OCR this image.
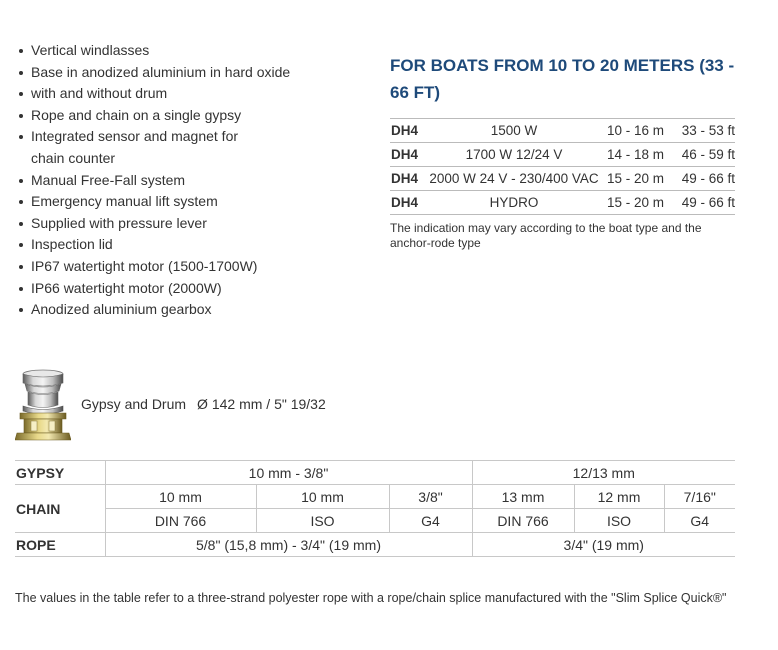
Vertical windlasses
Base in anodized aluminium in hard oxide
with and without drum
Rope and chain on a single gypsy
Integrated sensor and magnet for
chain counter
Manual Free-Fall system
Emergency manual lift system
Supplied with pressure lever
Inspection lid
IP67 watertight motor (1500-1700W)
IP66 watertight motor (2000W)
Anodized aluminium gearbox
FOR BOATS FROM 10 TO 20 METERS (33 - 66 FT)
DH4	1500 W	10 - 16 m	33 - 53 ft
DH4	1700 W 12/24 V	14 - 18 m	46 - 59 ft
DH4	2000 W 24 V - 230/400 VAC	15 - 20 m	49 - 66 ft
DH4	HYDRO	15 - 20 m	49 - 66 ft
The indication may vary according to the boat type and the anchor-rode type
Gypsy and Drum Ø 142 mm / 5" 19/32
GYPSY	10 mm - 3/8"			12/13 mm		
CHAIN	10 mm	10 mm	3/8"	13 mm	12 mm	7/16"
	DIN 766	ISO	G4	DIN 766	ISO	G4
ROPE	5/8" (15,8 mm) - 3/4" (19 mm)			3/4" (19 mm)		
The values in the table refer to a three-strand polyester rope with a rope/chain splice manufactured with the "Slim Splice Quick®"
